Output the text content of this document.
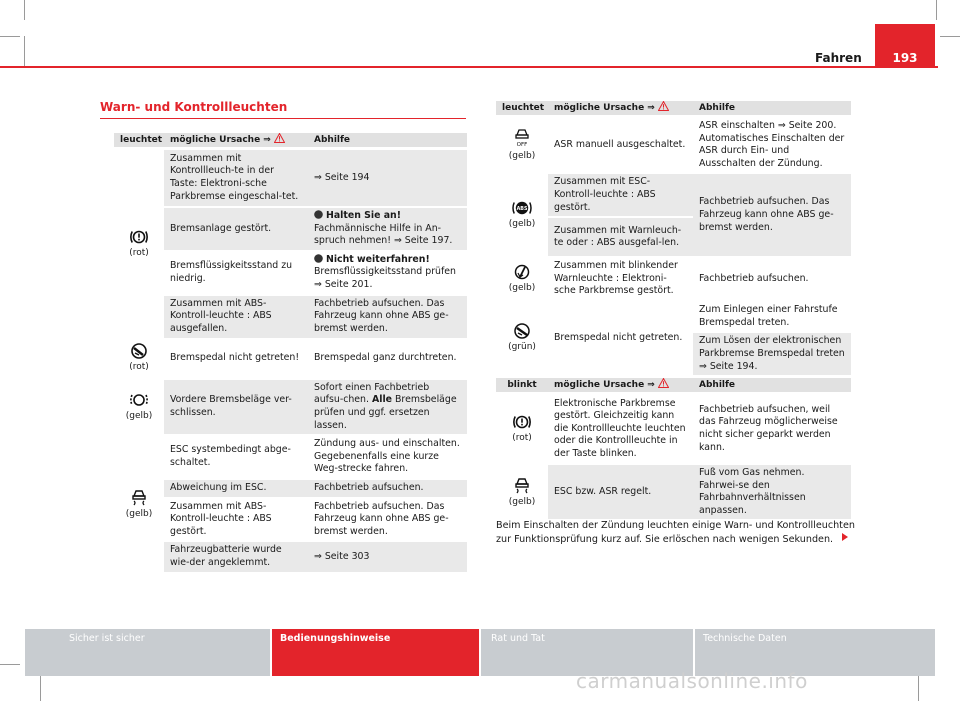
Fahren	193
Warn- und Kontrollleuchten
leuchtet	mögliche Ursache ⇒	Abhilfe

(rot)	Zusammen mit Kontrollleuch-te in der Taste: Elektroni-sche Parkbremse eingeschal-tet.	⇒ Seite 194
	Bremsanlage gestört.	Halten Sie an!
Fachmännische Hilfe in An-spruch nehmen! ⇒ Seite 197.
	Bremsflüssigkeitsstand zu niedrig.	Nicht weiterfahren!
Bremsflüssigkeitsstand prüfen ⇒ Seite 201.
	Zusammen mit ABS-Kontroll-leuchte : ABS ausgefallen.	Fachbetrieb aufsuchen. Das Fahrzeug kann ohne ABS ge-bremst werden.

(rot)	Bremspedal nicht getreten!	Bremspedal ganz durchtreten.

(gelb)	Vordere Bremsbeläge ver-schlissen.	Sofort einen Fachbetrieb aufsu-chen. Alle Bremsbeläge prüfen und ggf. ersetzen lassen.

(gelb)	ESC systembedingt abge-schaltet.	Zündung aus- und einschalten. Gegebenenfalls eine kurze Weg-strecke fahren.
	Abweichung im ESC.	Fachbetrieb aufsuchen.
	Zusammen mit ABS-Kontroll-leuchte : ABS gestört.	Fachbetrieb aufsuchen. Das Fahrzeug kann ohne ABS ge-bremst werden.
	Fahrzeugbatterie wurde wie-der angeklemmt.	⇒ Seite 303
leuchtet	mögliche Ursache ⇒	Abhilfe

OFF
(gelb)	ASR manuell ausgeschaltet.	ASR einschalten ⇒ Seite 200. Automatisches Einschalten der ASR durch Ein- und Ausschalten der Zündung.

ABS
(gelb)	Zusammen mit ESC-Kontroll-leuchte : ABS gestört.	Fachbetrieb aufsuchen. Das Fahrzeug kann ohne ABS ge-bremst werden.
	Zusammen mit Warnleuch-te oder : ABS ausgefal-len.	

(gelb)	Zusammen mit blinkender Warnleuchte : Elektroni-sche Parkbremse gestört.	Fachbetrieb aufsuchen.

(grün)	Bremspedal nicht getreten.	Zum Einlegen einer Fahrstufe Bremspedal treten.
		Zum Lösen der elektronischen Parkbremse Bremspedal treten ⇒ Seite 194.
blinkt	mögliche Ursache ⇒	Abhilfe

(rot)	Elektronische Parkbremse gestört. Gleichzeitig kann die Kontrollleuchte leuchten oder die Kontrollleuchte in der Taste blinken.	Fachbetrieb aufsuchen, weil das Fahrzeug möglicherweise nicht sicher geparkt werden kann.

(gelb)	ESC bzw. ASR regelt.	Fuß vom Gas nehmen. Fahrwei-se den Fahrbahnverhältnissen anpassen.
Beim Einschalten der Zündung leuchten einige Warn- und Kontrollleuchten zur Funktionsprüfung kurz auf. Sie erlöschen nach wenigen Sekunden.
Sicher ist sicher	Bedienungshinweise	Rat und Tat	Technische Daten
carmanualsonline.info
